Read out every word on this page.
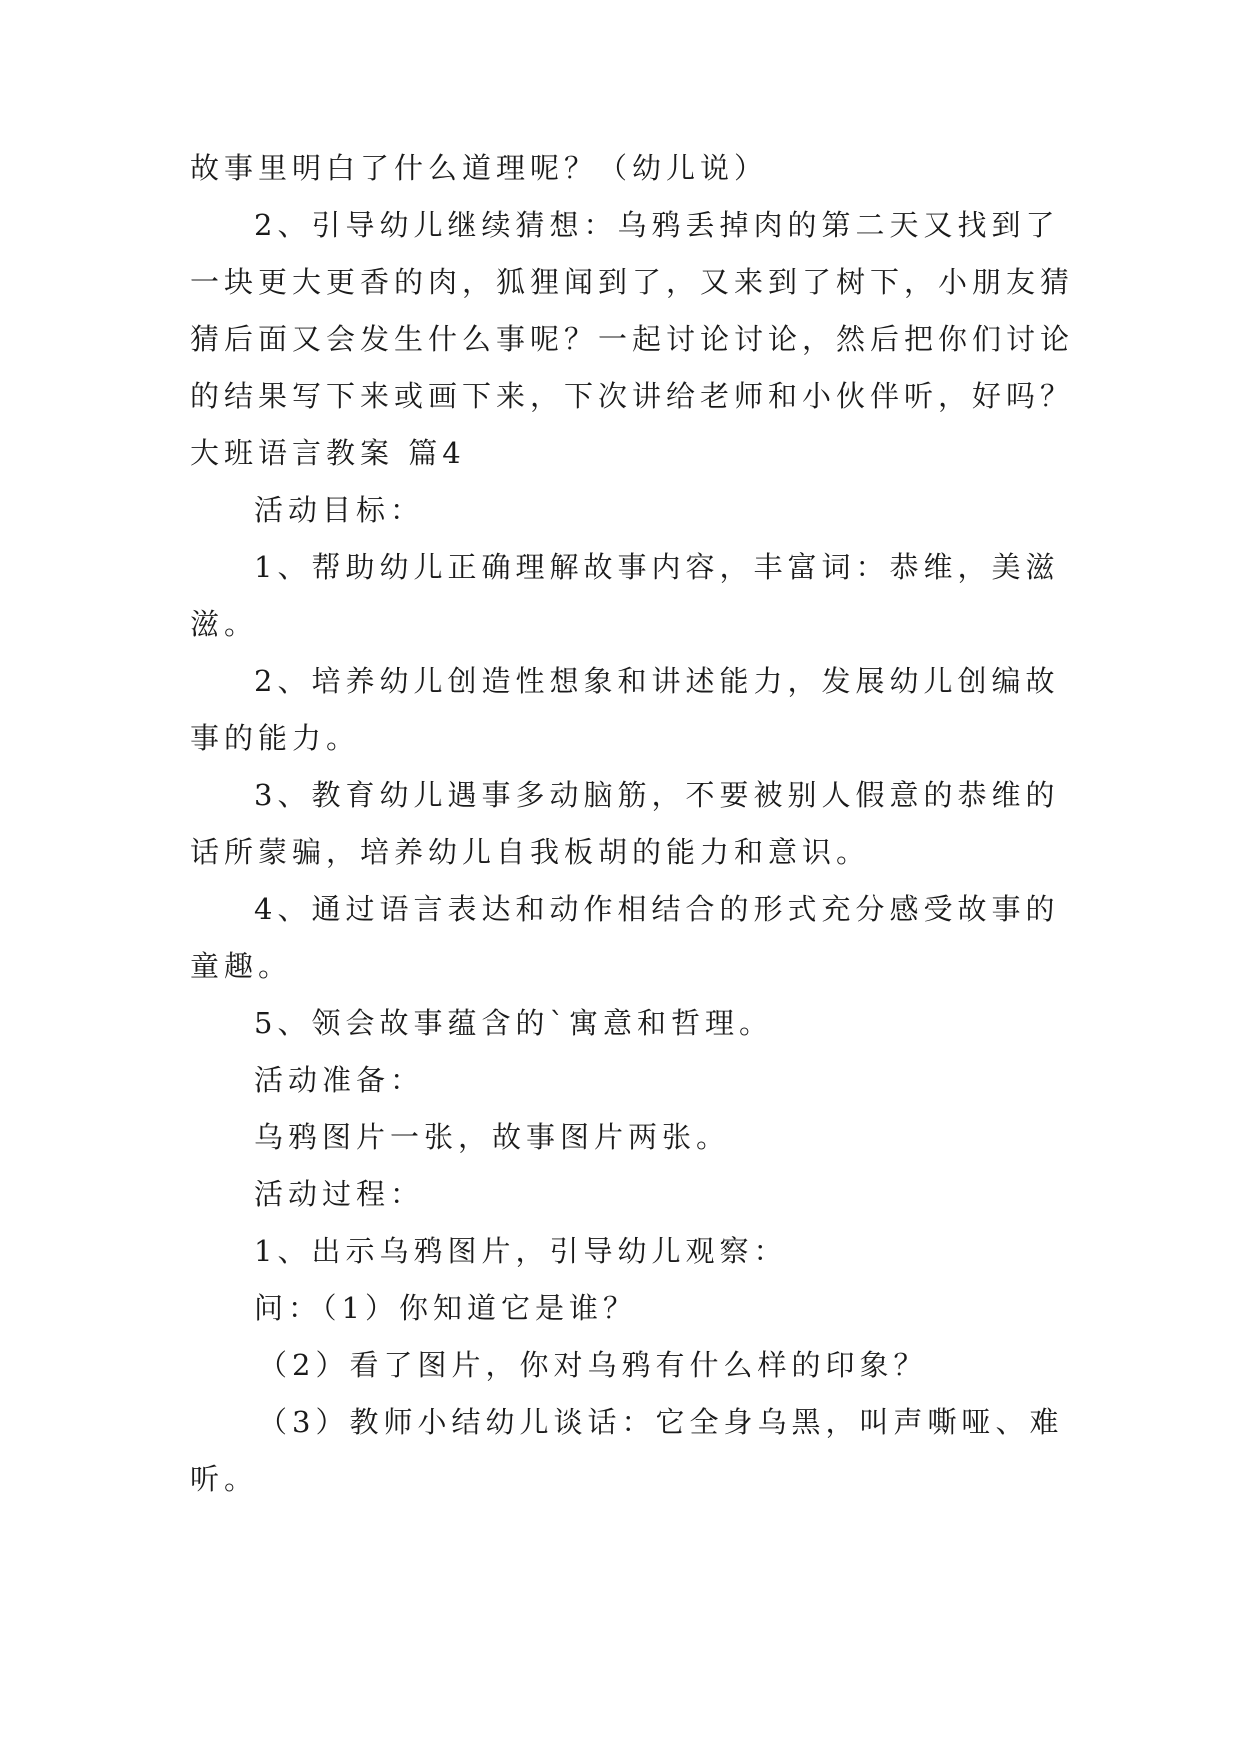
故事里明白了什么道理呢？（幼儿说）
2、引导幼儿继续猜想：乌鸦丢掉肉的第二天又找到了
一块更大更香的肉，狐狸闻到了，又来到了树下，小朋友猜
猜后面又会发生什么事呢？一起讨论讨论，然后把你们讨论
的结果写下来或画下来，下次讲给老师和小伙伴听，好吗？
大班语言教案 篇4
活动目标：
1、帮助幼儿正确理解故事内容，丰富词：恭维，美滋
滋。
2、培养幼儿创造性想象和讲述能力，发展幼儿创编故
事的能力。
3、教育幼儿遇事多动脑筋，不要被别人假意的恭维的
话所蒙骗，培养幼儿自我板胡的能力和意识。
4、通过语言表达和动作相结合的形式充分感受故事的
童趣。
5、领会故事蕴含的`寓意和哲理。
活动准备：
乌鸦图片一张，故事图片两张。
活动过程：
1、出示乌鸦图片，引导幼儿观察：
问：（1）你知道它是谁？
（2）看了图片，你对乌鸦有什么样的印象？
（3）教师小结幼儿谈话：它全身乌黑，叫声嘶哑、难
听。
